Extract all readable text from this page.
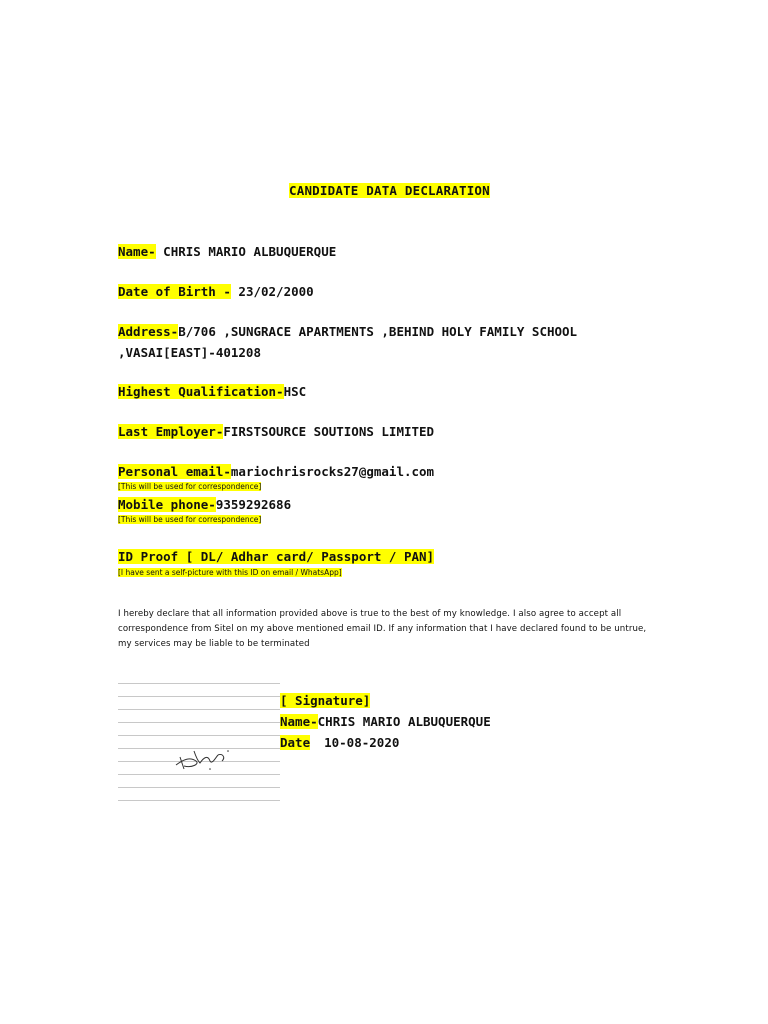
CANDIDATE DATA DECLARATION
Name- CHRIS MARIO ALBUQUERQUE
Date of Birth - 23/02/2000
Address-B/706 ,SUNGRACE APARTMENTS ,BEHIND HOLY FAMILY SCHOOL
,VASAI[EAST]-401208
Highest Qualification-HSC
Last Employer-FIRSTSOURCE SOUTIONS LIMITED
Personal email-mariochrisrocks27@gmail.com
[This will be used for correspondence]
Mobile phone-9359292686
[This will be used for correspondence]
ID Proof [ DL/ Adhar card/ Passport / PAN]
[I have sent a self-picture with this ID on email / WhatsApp]
I hereby declare that all information provided above is true to the best of my knowledge. I also agree to accept all correspondence from Sitel on my above mentioned email ID. If any information that I have declared found to be untrue, my services may be liable to be terminated
[ Signature]
Name-CHRIS MARIO ALBUQUERQUE
Date 10-08-2020
